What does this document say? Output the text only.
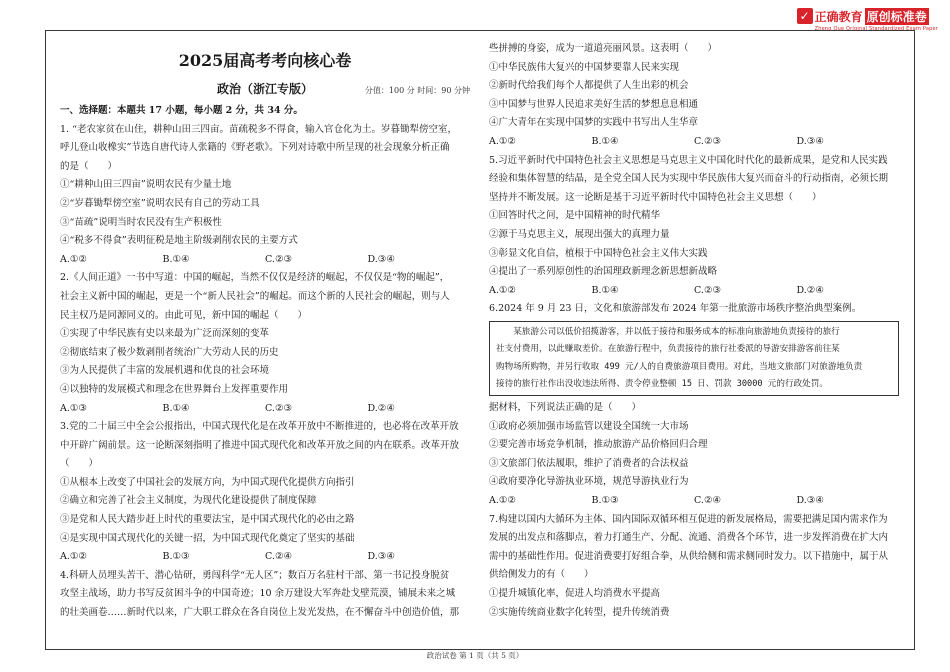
✓ 正确教育 原创标准卷
Zheng Que Original Standardized Exam Paper
2025届高考考向核心卷
政治（浙江专版）	分值：100 分 时间：90 分钟

一、选择题：本题共 17 小题，每小题 2 分，共 34 分。

1. “老农家贫在山住，耕种山田三四亩。苗疏税多不得食，输入官仓化为土。岁暮锄犁傍空室，

呼儿登山收橡实”节选自唐代诗人张籍的《野老歌》。下列对诗歌中所呈现的社会现象分析正确

的是（　　）

①“耕种山田三四亩”说明农民有少量土地

②“岁暮锄犁傍空室”说明农民有自己的劳动工具

③“苗疏”说明当时农民没有生产积极性

④“税多不得食”表明征税是地主阶级剥削农民的主要方式

A.①②	B.①④	C.②③	D.③④

2.《人间正道》一书中写道：中国的崛起，当然不仅仅是经济的崛起，不仅仅是“物的崛起”，

社会主义新中国的崛起，更是一个“新人民社会”的崛起。而这个新的人民社会的崛起，则与人

民主权乃是同源同义的。由此可见，新中国的崛起（　　）

①实现了中华民族有史以来最为广泛而深刻的变革

②彻底结束了极少数剥削者统治广大劳动人民的历史

③为人民提供了丰富的发展机遇和优良的社会环境

④以独特的发展模式和理念在世界舞台上发挥重要作用

A.①③	B.①④	C.②③	D.②④

3.党的二十届三中全会公报指出，中国式现代化是在改革开放中不断推进的，也必将在改革开放

中开辟广阔前景。这一论断深刻指明了推进中国式现代化和改革开放之间的内在联系。改革开放

（　　）

①从根本上改变了中国社会的发展方向，为中国式现代化提供方向指引

②确立和完善了社会主义制度，为现代化建设提供了制度保障

③是党和人民大踏步赶上时代的重要法宝，是中国式现代化的必由之路

④是实现中国式现代化的关键一招，为中国式现代化奠定了坚实的基础

A.①②	B.①③	C.②④	D.③④

4.科研人员埋头苦干、潜心钻研，勇闯科学“无人区”；数百万名驻村干部、第一书记投身脱贫

攻坚主战场，助力书写反贫困斗争的中国奇迹；10 余万建设大军奔赴戈壁荒漠，铺展未来之城

的壮美画卷……新时代以来，广大职工群众在各自岗位上发光发热，在不懈奋斗中创造价值，那

些拼搏的身姿，成为一道道亮丽风景。这表明（　　）

①中华民族伟大复兴的中国梦要靠人民来实现

②新时代给我们每个人都提供了人生出彩的机会

③中国梦与世界人民追求美好生活的梦想息息相通

④广大青年在实现中国梦的实践中书写出人生华章

A.①②	B.①④	C.②③	D.③④

5.习近平新时代中国特色社会主义思想是马克思主义中国化时代化的最新成果，是党和人民实践

经验和集体智慧的结晶，是全党全国人民为实现中华民族伟大复兴而奋斗的行动指南，必须长期

坚持并不断发展。这一论断是基于习近平新时代中国特色社会主义思想（　　）

①回答时代之问，是中国精神的时代精华

②源于马克思主义，展现出强大的真理力量

③彰显文化自信，植根于中国特色社会主义伟大实践

④提出了一系列原创性的治国理政新理念新思想新战略

A.①②	B.①④	C.②③	D.②④

6.2024 年 9 月 23 日，文化和旅游部发布 2024 年第一批旅游市场秩序整治典型案例。

　　某旅游公司以低价招揽游客，并以低于接待和服务成本的标准向旅游地负责接待的旅行

社支付费用，以此赚取差价。在旅游行程中，负责接待的旅行社委派的导游安排游客前往某

购物场所购物，并另行收取 499 元/人的自费旅游项目费用。对此，当地文旅部门对旅游地负责

接待的旅行社作出没收违法所得、责令停业整顿 15 日、罚款 30000 元的行政处罚。

据材料，下列说法正确的是（　　）

①政府必须加强市场监管以建设全国统一大市场

②要完善市场竞争机制，推动旅游产品价格回归合理

③文旅部门依法履职，维护了消费者的合法权益

④政府要净化导游执业环境，规范导游执业行为

A.①②	B.①③	C.②④	D.③④

7.构建以国内大循环为主体、国内国际双循环相互促进的新发展格局，需要把满足国内需求作为

发展的出发点和落脚点，着力打通生产、分配、流通、消费各个环节，进一步发挥消费在扩大内

需中的基础性作用。促进消费要打好组合拳，从供给侧和需求侧同时发力。以下措施中，属于从

供给侧发力的有（　　）

①提升城镇化率，促进人均消费水平提高

②实施传统商业数字化转型，提升传统消费

政治试卷 第 1 页（共 5 页）
